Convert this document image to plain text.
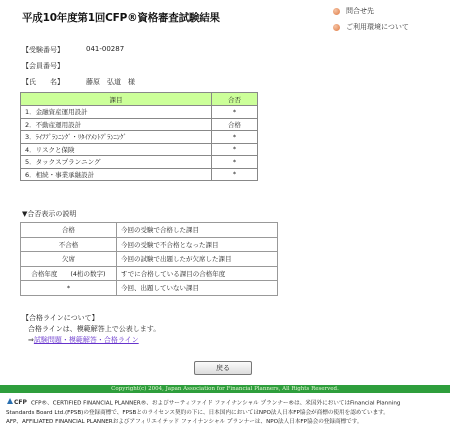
平成10年度第1回CFP®資格審査試験結果
問合せ先
ご利用環境について
【受験番号】	041-00287
【会員番号】
【氏　　名】	藤原　弘道　様
課目	合否
1．金融資産運用設計	*
2．不動産運用設計	合格
3．ﾗｲﾌﾌﾟﾗﾝﾆﾝｸﾞ・ﾘﾀｲｱﾒﾝﾄﾌﾟﾗﾝﾆﾝｸﾞ	*
4．リスクと保険	*
5．タックスプランニング	*
6．相続・事業承継設計	*
▼合否表示の説明
合格	今回の受験で合格した課目
不合格	今回の受験で不合格となった課目
欠席	今回の試験で出題したが欠席した課目
合格年度　　(4桁の数字)	すでに合格している課目の合格年度
*	今回、出題していない課目
【合格ラインについて】
合格ラインは、模範解答上で公表します。
⇒試験問題・模範解答・合格ライン
戻る
Copyright(c) 2004, Japan Association for Financial Planners, All Rights Reserved.
CFP CFP®、CERTIFIED FINANCIAL PLANNER®、およびサーティファイド ファイナンシャル プランナー®は、米国外においてはFinancial Planning
Standards Board Ltd.(FPSB)の登録商標で、FPSBとのライセンス契約の下に、日本国内においてはNPO法人日本FP協会が商標の使用を認めています。
AFP、AFFILIATED FINANCIAL PLANNERおよびアフィリエイテッド ファイナンシャル プランナーは、NPO法人日本FP協会の登録商標です。
